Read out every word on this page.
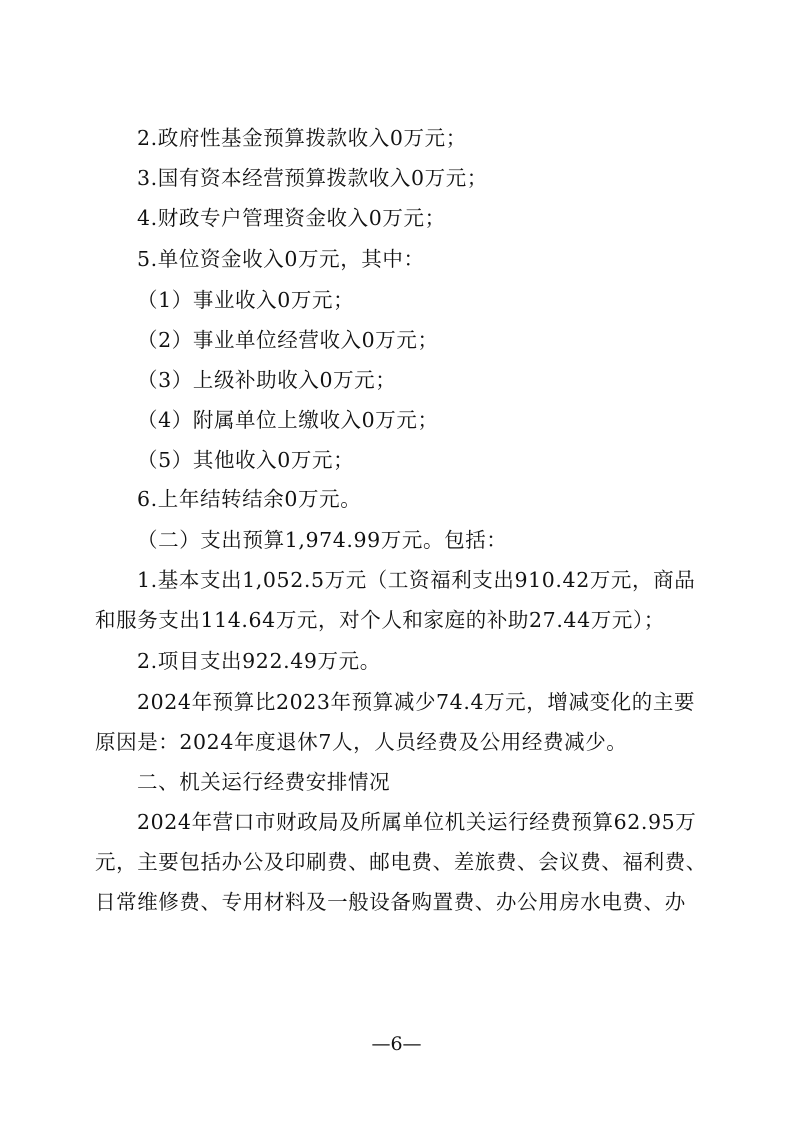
2.政府性基金预算拨款收入0万元；
3.国有资本经营预算拨款收入0万元；
4.财政专户管理资金收入0万元；
5.单位资金收入0万元，其中：
（1）事业收入0万元；
（2）事业单位经营收入0万元；
（3）上级补助收入0万元；
（4）附属单位上缴收入0万元；
（5）其他收入0万元；
6.上年结转结余0万元。
（二）支出预算1,974.99万元。包括：
1.基本支出1,052.5万元（工资福利支出910.42万元，商品
和服务支出114.64万元，对个人和家庭的补助27.44万元）；
2.项目支出922.49万元。
2024年预算比2023年预算减少74.4万元，增减变化的主要
原因是：2024年度退休7人，人员经费及公用经费减少。
二、机关运行经费安排情况
2024年营口市财政局及所属单位机关运行经费预算62.95万
元，主要包括办公及印刷费、邮电费、差旅费、会议费、福利费、
日常维修费、专用材料及一般设备购置费、办公用房水电费、办
—6—
